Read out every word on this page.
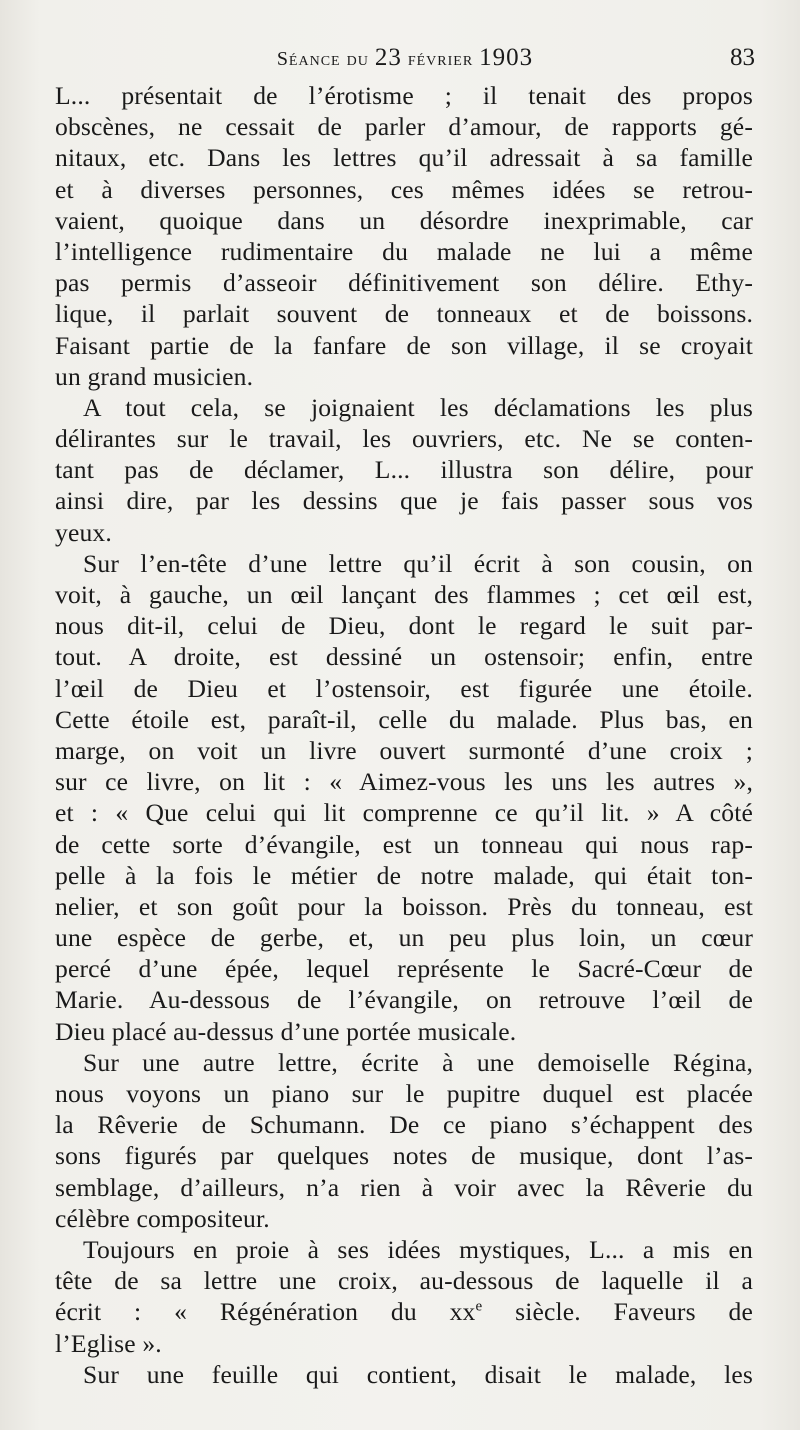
Séance du 23 février 1903	83
L... présentait de l’érotisme ; il tenait des propos
obscènes, ne cessait de parler d’amour, de rapports gé-
nitaux, etc. Dans les lettres qu’il adressait à sa famille
et à diverses personnes, ces mêmes idées se retrou-
vaient, quoique dans un désordre inexprimable, car
l’intelligence rudimentaire du malade ne lui a même
pas permis d’asseoir définitivement son délire. Ethy-
lique, il parlait souvent de tonneaux et de boissons.
Faisant partie de la fanfare de son village, il se croyait
un grand musicien.
A tout cela, se joignaient les déclamations les plus
délirantes sur le travail, les ouvriers, etc. Ne se conten-
tant pas de déclamer, L... illustra son délire, pour
ainsi dire, par les dessins que je fais passer sous vos
yeux.
Sur l’en-tête d’une lettre qu’il écrit à son cousin, on
voit, à gauche, un œil lançant des flammes ; cet œil est,
nous dit-il, celui de Dieu, dont le regard le suit par-
tout. A droite, est dessiné un ostensoir; enfin, entre
l’œil de Dieu et l’ostensoir, est figurée une étoile.
Cette étoile est, paraît-il, celle du malade. Plus bas, en
marge, on voit un livre ouvert surmonté d’une croix ;
sur ce livre, on lit : « Aimez-vous les uns les autres »,
et : « Que celui qui lit comprenne ce qu’il lit. » A côté
de cette sorte d’évangile, est un tonneau qui nous rap-
pelle à la fois le métier de notre malade, qui était ton-
nelier, et son goût pour la boisson. Près du tonneau, est
une espèce de gerbe, et, un peu plus loin, un cœur
percé d’une épée, lequel représente le Sacré-Cœur de
Marie. Au-dessous de l’évangile, on retrouve l’œil de
Dieu placé au-dessus d’une portée musicale.
Sur une autre lettre, écrite à une demoiselle Régina,
nous voyons un piano sur le pupitre duquel est placée
la Rêverie de Schumann. De ce piano s’échappent des
sons figurés par quelques notes de musique, dont l’as-
semblage, d’ailleurs, n’a rien à voir avec la Rêverie du
célèbre compositeur.
Toujours en proie à ses idées mystiques, L... a mis en
tête de sa lettre une croix, au-dessous de laquelle il a
écrit : « Régénération du $xx^e$ siècle. Faveurs de
l’Eglise ».
Sur une feuille qui contient, disait le malade, les
